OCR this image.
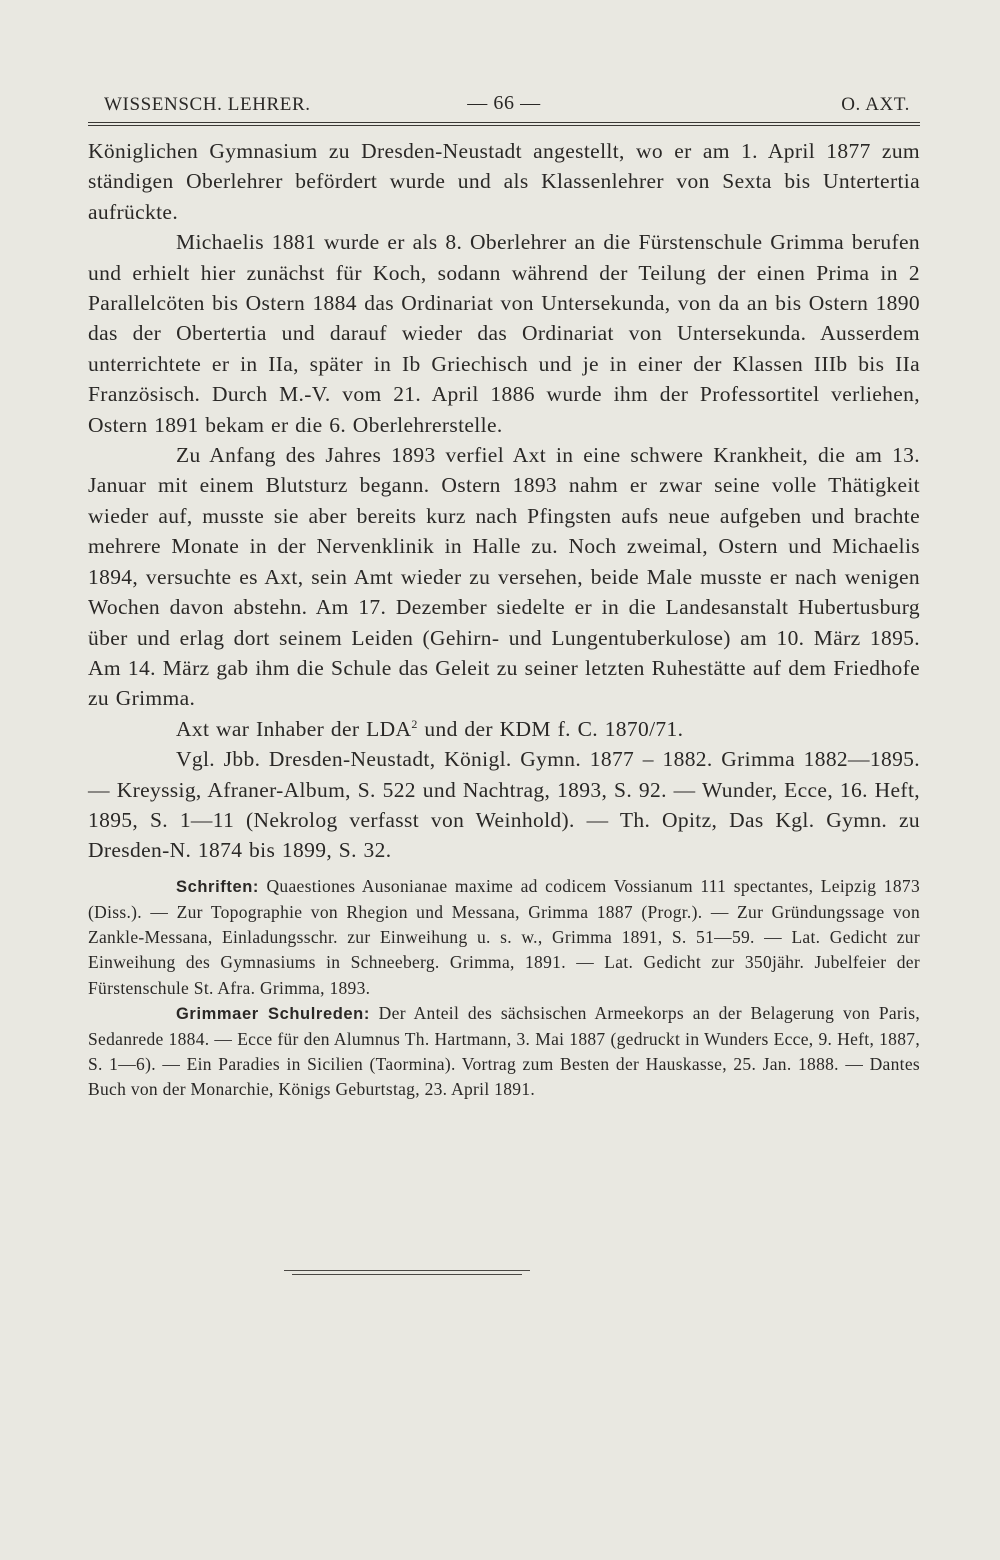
WISSENSCH. LEHRER.	— 66 —	O. AXT.

Königlichen Gymnasium zu Dresden-Neustadt angestellt, wo er am 1. April 1877 zum ständigen Oberlehrer befördert wurde und als Klassenlehrer von Sexta bis Untertertia aufrückte.

Michaelis 1881 wurde er als 8. Oberlehrer an die Fürstenschule Grimma berufen und erhielt hier zunächst für Koch, sodann während der Teilung der einen Prima in 2 Parallelcöten bis Ostern 1884 das Ordinariat von Untersekunda, von da an bis Ostern 1890 das der Obertertia und darauf wieder das Ordinariat von Untersekunda. Ausserdem unterrichtete er in IIa, später in Ib Griechisch und je in einer der Klassen IIIb bis IIa Französisch. Durch M.-V. vom 21. April 1886 wurde ihm der Professortitel verliehen, Ostern 1891 bekam er die 6. Oberlehrerstelle.

Zu Anfang des Jahres 1893 verfiel Axt in eine schwere Krankheit, die am 13. Januar mit einem Blutsturz begann. Ostern 1893 nahm er zwar seine volle Thätigkeit wieder auf, musste sie aber bereits kurz nach Pfingsten aufs neue aufgeben und brachte mehrere Monate in der Nervenklinik in Halle zu. Noch zweimal, Ostern und Michaelis 1894, versuchte es Axt, sein Amt wieder zu versehen, beide Male musste er nach wenigen Wochen davon abstehn. Am 17. Dezember siedelte er in die Landesanstalt Hubertusburg über und erlag dort seinem Leiden (Gehirn- und Lungentuberkulose) am 10. März 1895. Am 14. März gab ihm die Schule das Geleit zu seiner letzten Ruhestätte auf dem Friedhofe zu Grimma.

Axt war Inhaber der LDA$^2$ und der KDM f. C. 1870/71.

Vgl. Jbb. Dresden-Neustadt, Königl. Gymn. 1877 – 1882. Grimma 1882—1895. — Kreyssig, Afraner-Album, S. 522 und Nachtrag, 1893, S. 92. — Wunder, Ecce, 16. Heft, 1895, S. 1—11 (Nekrolog verfasst von Weinhold). — Th. Opitz, Das Kgl. Gymn. zu Dresden-N. 1874 bis 1899, S. 32.

Schriften: Quaestiones Ausonianae maxime ad codicem Vossianum 111 spectantes, Leipzig 1873 (Diss.). — Zur Topographie von Rhegion und Messana, Grimma 1887 (Progr.). — Zur Gründungssage von Zankle-Messana, Einladungsschr. zur Einweihung u. s. w., Grimma 1891, S. 51—59. — Lat. Gedicht zur Einweihung des Gymnasiums in Schneeberg. Grimma, 1891. — Lat. Gedicht zur 350jähr. Jubelfeier der Fürstenschule St. Afra. Grimma, 1893.

Grimmaer Schulreden: Der Anteil des sächsischen Armeekorps an der Belagerung von Paris, Sedanrede 1884. — Ecce für den Alumnus Th. Hartmann, 3. Mai 1887 (gedruckt in Wunders Ecce, 9. Heft, 1887, S. 1—6). — Ein Paradies in Sicilien (Taormina). Vortrag zum Besten der Hauskasse, 25. Jan. 1888. — Dantes Buch von der Monarchie, Königs Geburtstag, 23. April 1891.
